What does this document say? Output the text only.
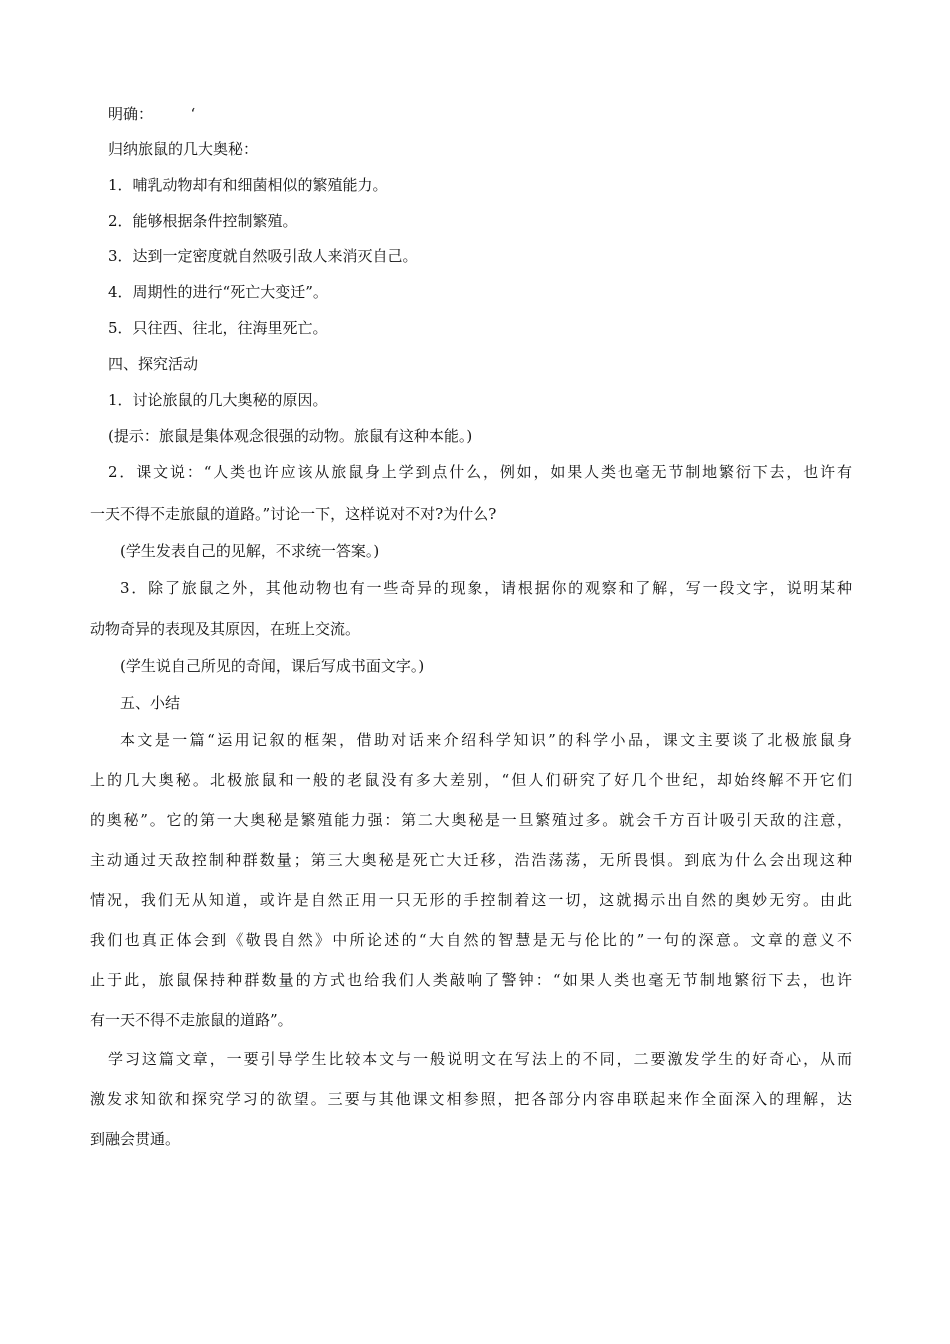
明确：　　　‘
归纳旅鼠的几大奥秘：
1．哺乳动物却有和细菌相似的繁殖能力。
2．能够根据条件控制繁殖。
3．达到一定密度就自然吸引敌人来消灭自己。
4．周期性的进行“死亡大变迁”。
5．只往西、往北，往海里死亡。
四、探究活动
1．讨论旅鼠的几大奥秘的原因。
(提示：旅鼠是集体观念很强的动物。旅鼠有这种本能。)
2．课文说：“人类也许应该从旅鼠身上学到点什么，例如，如果人类也毫无节制地繁衍下去，也许有
一天不得不走旅鼠的道路。”讨论一下，这样说对不对?为什么?
(学生发表自己的见解，不求统一答案。)
3．除了旅鼠之外，其他动物也有一些奇异的现象，请根据你的观察和了解，写一段文字，说明某种
动物奇异的表现及其原因，在班上交流。
(学生说自己所见的奇闻，课后写成书面文字。)
五、小结
本文是一篇“运用记叙的框架，借助对话来介绍科学知识”的科学小品，课文主要谈了北极旅鼠身
上的几大奥秘。北极旅鼠和一般的老鼠没有多大差别，“但人们研究了好几个世纪，却始终解不开它们
的奥秘”。它的第一大奥秘是繁殖能力强：第二大奥秘是一旦繁殖过多。就会千方百计吸引天敌的注意，
主动通过天敌控制种群数量；第三大奥秘是死亡大迁移，浩浩荡荡，无所畏惧。到底为什么会出现这种
情况，我们无从知道，或许是自然正用一只无形的手控制着这一切，这就揭示出自然的奥妙无穷。由此
我们也真正体会到《敬畏自然》中所论述的“大自然的智慧是无与伦比的”一句的深意。文章的意义不
止于此，旅鼠保持种群数量的方式也给我们人类敲响了警钟：“如果人类也毫无节制地繁衍下去，也许
有一天不得不走旅鼠的道路”。
学习这篇文章，一要引导学生比较本文与一般说明文在写法上的不同，二要激发学生的好奇心，从而
激发求知欲和探究学习的欲望。三要与其他课文相参照，把各部分内容串联起来作全面深入的理解，达
到融会贯通。
